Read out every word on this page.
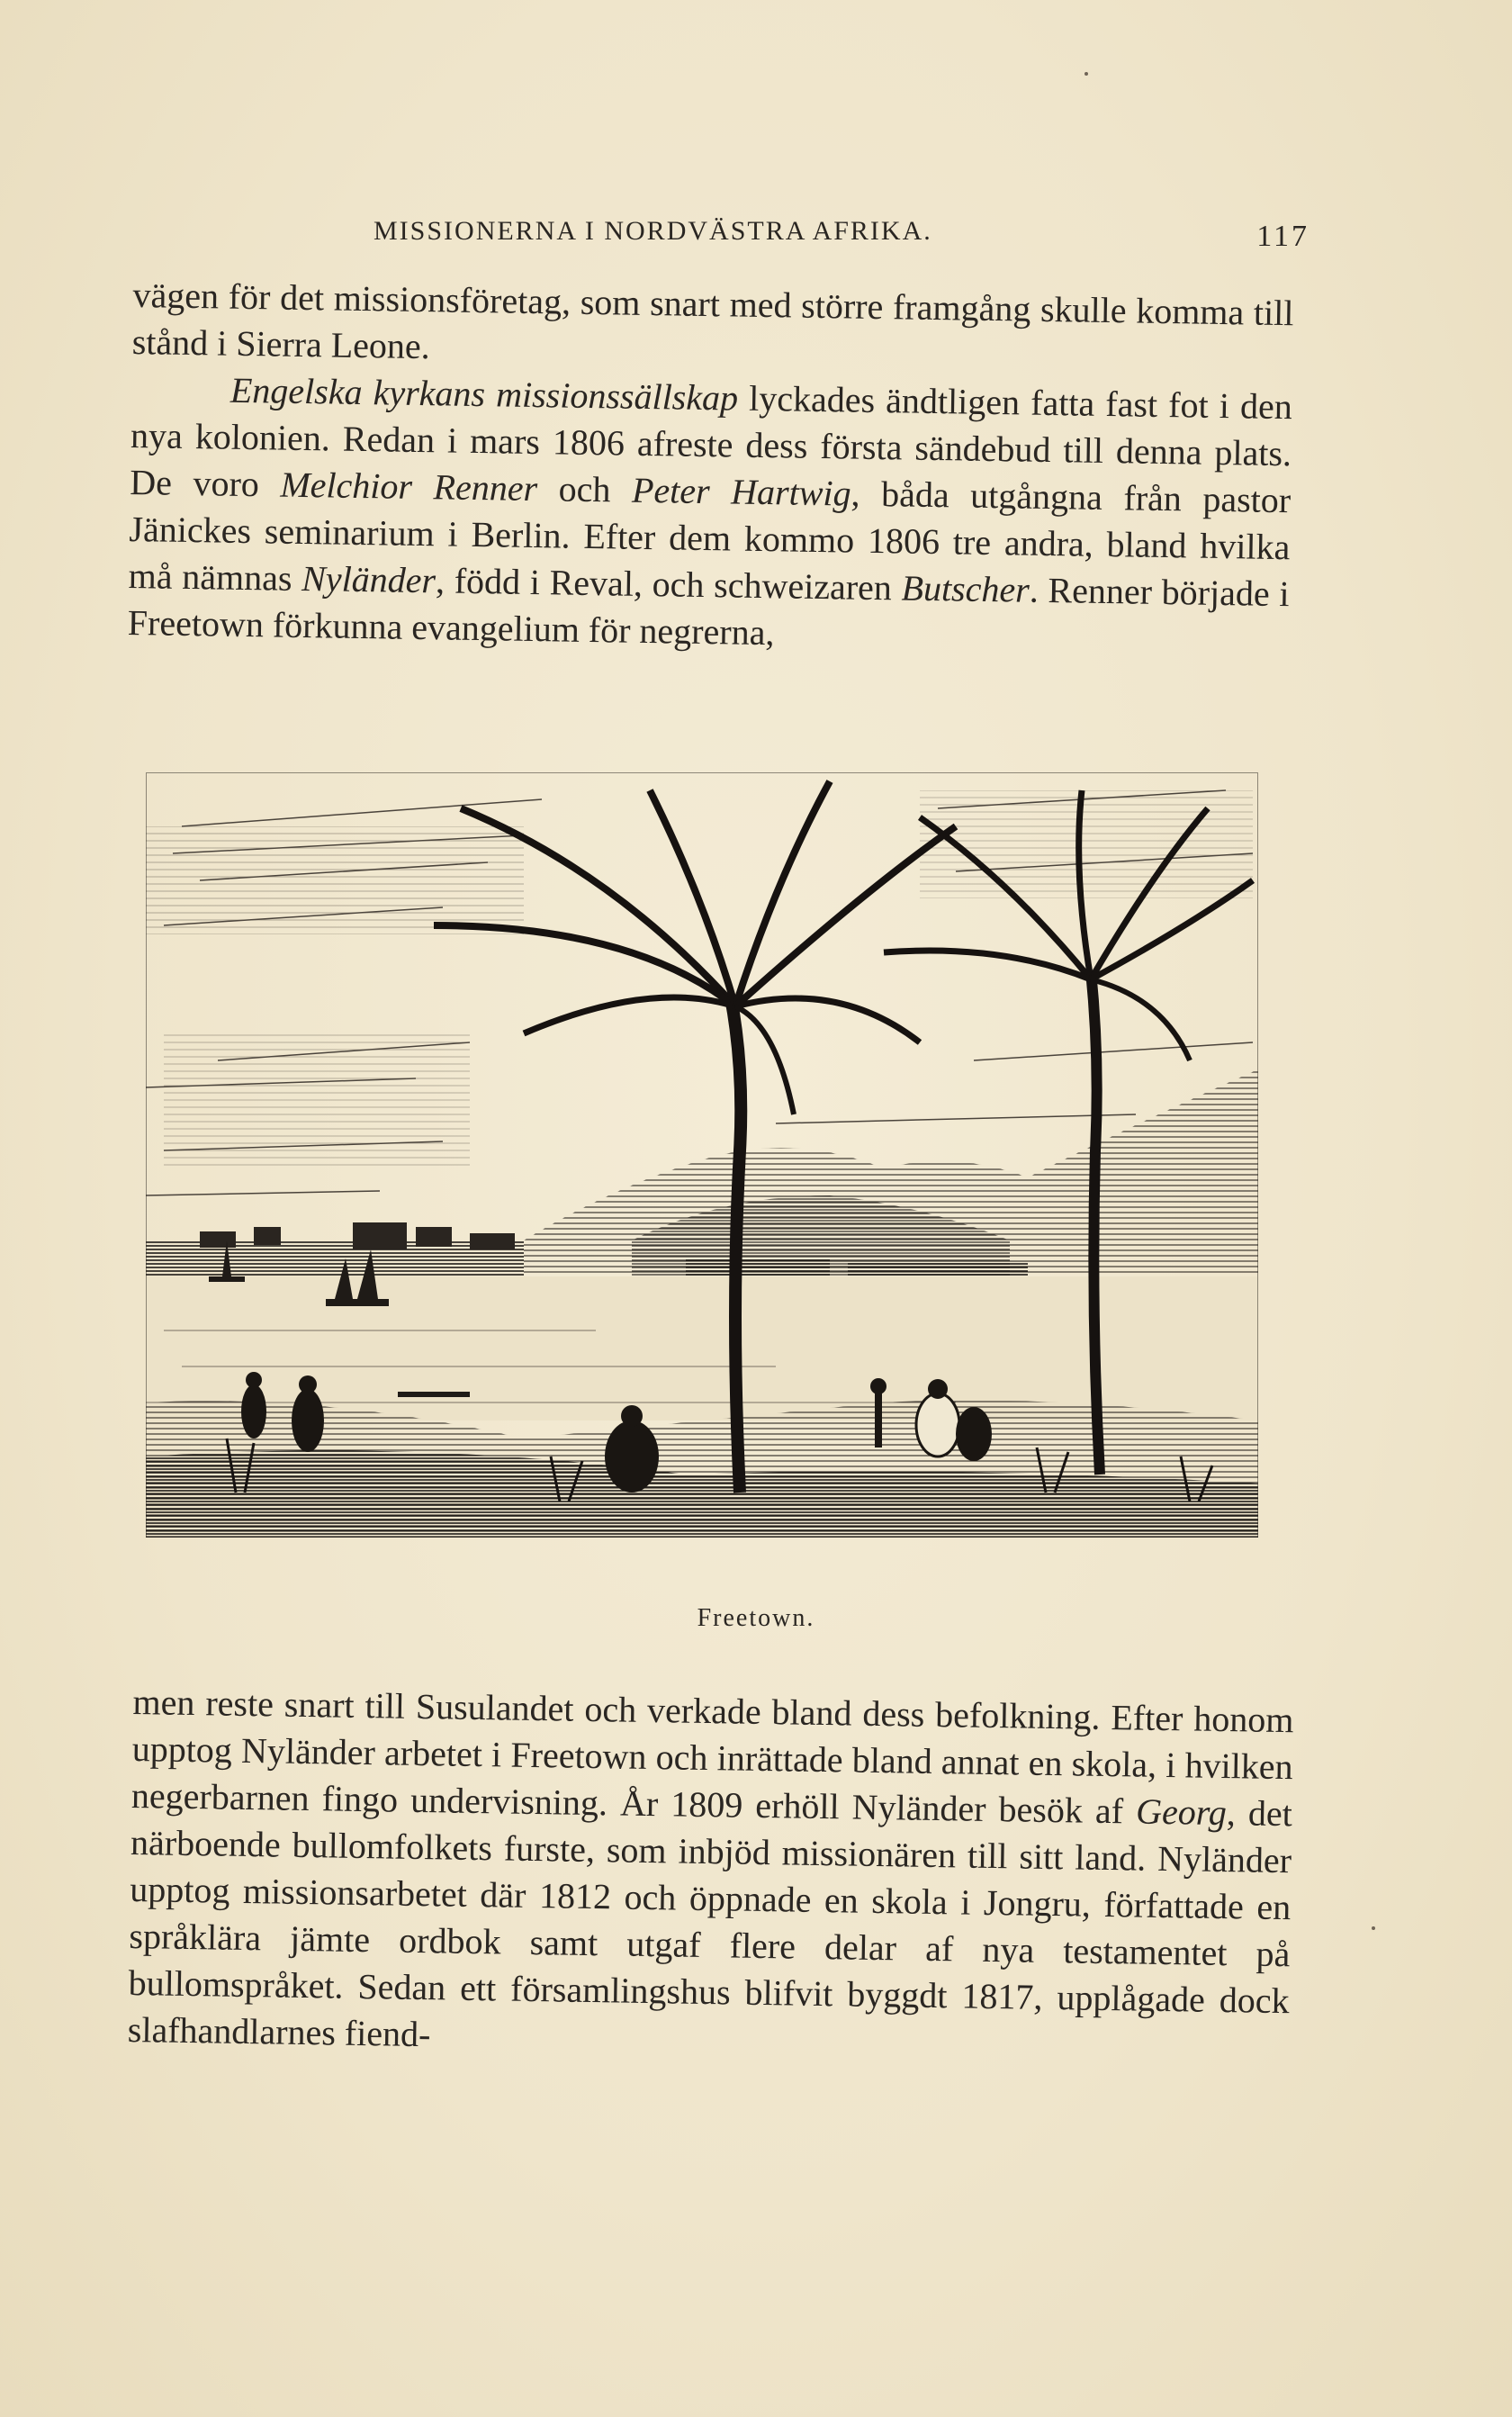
MISSIONERNA I NORDVÄSTRA AFRIKA.	117

vägen för det missionsföretag, som snart med större framgång skulle komma till stånd i Sierra Leone.

Engelska kyrkans missionssällskap lyckades ändtligen fatta fast fot i den nya kolonien. Redan i mars 1806 afreste dess första sändebud till denna plats. De voro Melchior Renner och Peter Hartwig, båda utgångna från pastor Jänickes seminarium i Berlin. Efter dem kommo 1806 tre andra, bland hvilka må nämnas Nyländer, född i Reval, och schweizaren Butscher. Renner började i Freetown förkunna evangelium för negrerna,

Freetown.

men reste snart till Susulandet och verkade bland dess befolkning. Efter honom upptog Nyländer arbetet i Freetown och inrättade bland annat en skola, i hvilken negerbarnen fingo undervisning. År 1809 erhöll Nyländer besök af Georg, det närboende bullomfolkets furste, som inbjöd missionären till sitt land. Nyländer upptog missionsarbetet där 1812 och öppnade en skola i Jongru, författade en språklära jämte ordbok samt utgaf flere delar af nya testamentet på bullomspråket. Sedan ett församlingshus blifvit byggdt 1817, upplågade dock slafhandlarnes fiend-
